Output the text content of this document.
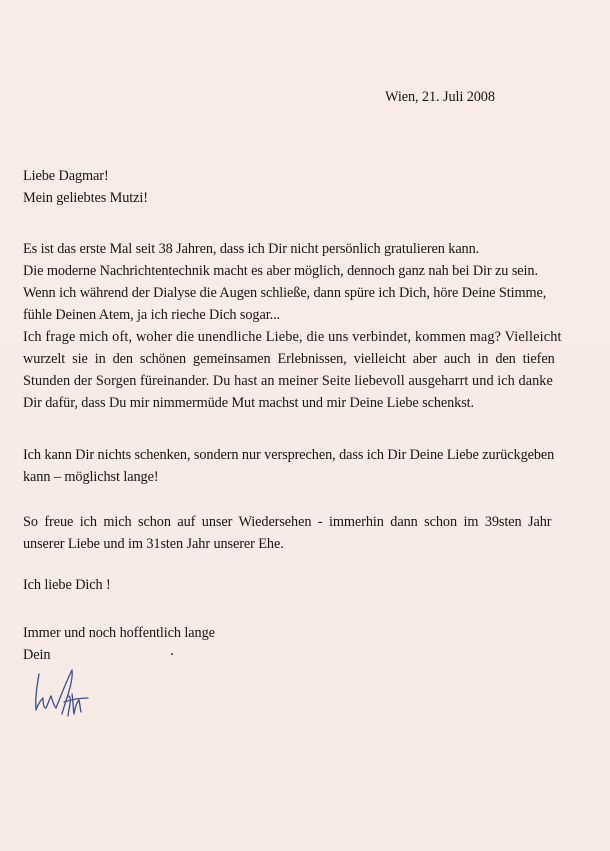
Wien, 21. Juli 2008
Liebe Dagmar!
Mein geliebtes Mutzi!
Es ist das erste Mal seit 38 Jahren, dass ich Dir nicht persönlich gratulieren kann.
Die moderne Nachrichtentechnik macht es aber möglich, dennoch ganz nah bei Dir zu sein.
Wenn ich während der Dialyse die Augen schließe, dann spüre ich Dich, höre Deine Stimme,
fühle Deinen Atem, ja ich rieche Dich sogar...
Ich frage mich oft, woher die unendliche Liebe, die uns verbindet, kommen mag? Vielleicht
wurzelt sie in den schönen gemeinsamen Erlebnissen, vielleicht aber auch in den tiefen
Stunden der Sorgen füreinander. Du hast an meiner Seite liebevoll ausgeharrt und ich danke
Dir dafür, dass Du mir nimmermüde Mut machst und mir Deine Liebe schenkst.
Ich kann Dir nichts schenken, sondern nur versprechen, dass ich Dir Deine Liebe zurückgeben
kann – möglichst lange!
So freue ich mich schon auf unser Wiedersehen - immerhin dann schon im 39sten Jahr
unserer Liebe und im 31sten Jahr unserer Ehe.
Ich liebe Dich !
Immer und noch hoffentlich lange
Dein
